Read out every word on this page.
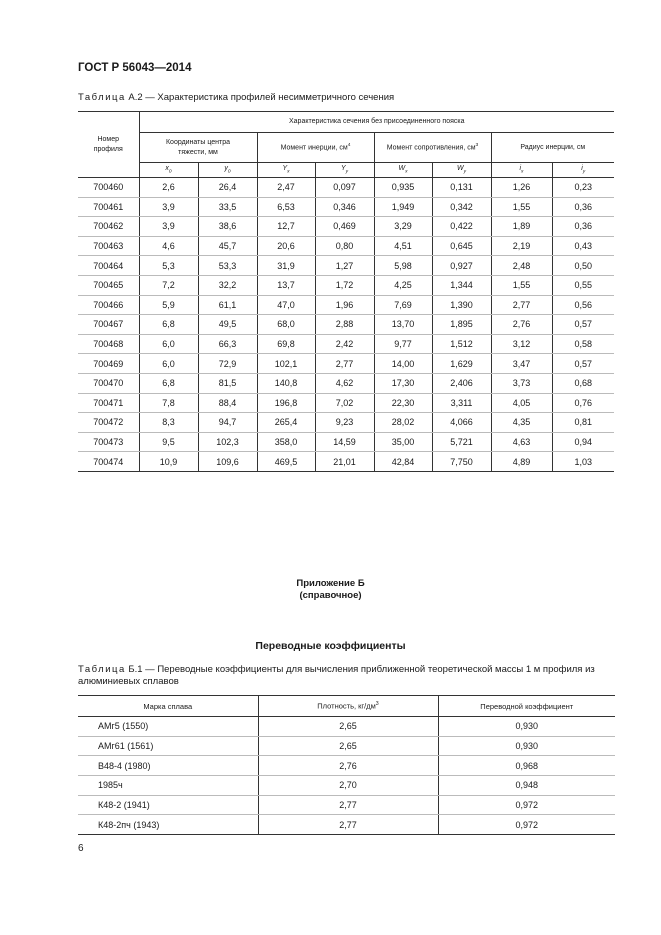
ГОСТ Р 56043—2014
Таблица А.2 — Характеристика профилей несимметричного сечения
Номер профиля	Характеристика сечения без присоединенного пояска							
	Координаты центра тяжести, мм		Момент инерции, $см^4$		Момент сопротивления, $см^3$		Радиус инерции, см	
	$x_0$	$y_0$	$Y_x$	$Y_y$	$W_x$	$W_y$	$i_x$	$i_y$
700460	2,6	26,4	2,47	0,097	0,935	0,131	1,26	0,23
700461	3,9	33,5	6,53	0,346	1,949	0,342	1,55	0,36
700462	3,9	38,6	12,7	0,469	3,29	0,422	1,89	0,36
700463	4,6	45,7	20,6	0,80	4,51	0,645	2,19	0,43
700464	5,3	53,3	31,9	1,27	5,98	0,927	2,48	0,50
700465	7,2	32,2	13,7	1,72	4,25	1,344	1,55	0,55
700466	5,9	61,1	47,0	1,96	7,69	1,390	2,77	0,56
700467	6,8	49,5	68,0	2,88	13,70	1,895	2,76	0,57
700468	6,0	66,3	69,8	2,42	9,77	1,512	3,12	0,58
700469	6,0	72,9	102,1	2,77	14,00	1,629	3,47	0,57
700470	6,8	81,5	140,8	4,62	17,30	2,406	3,73	0,68
700471	7,8	88,4	196,8	7,02	22,30	3,311	4,05	0,76
700472	8,3	94,7	265,4	9,23	28,02	4,066	4,35	0,81
700473	9,5	102,3	358,0	14,59	35,00	5,721	4,63	0,94
700474	10,9	109,6	469,5	21,01	42,84	7,750	4,89	1,03
Приложение Б
(справочное)
Переводные коэффициенты
Таблица Б.1 — Переводные коэффициенты для вычисления приближенной теоретической массы 1 м профиля из алюминиевых сплавов
Марка сплава	Плотность, $кг/дм^3$	Переводной коэффициент
АМг5 (1550)	2,65	0,930
АМг61 (1561)	2,65	0,930
В48-4 (1980)	2,76	0,968
1985ч	2,70	0,948
К48-2 (1941)	2,77	0,972
К48-2пч (1943)	2,77	0,972
6
